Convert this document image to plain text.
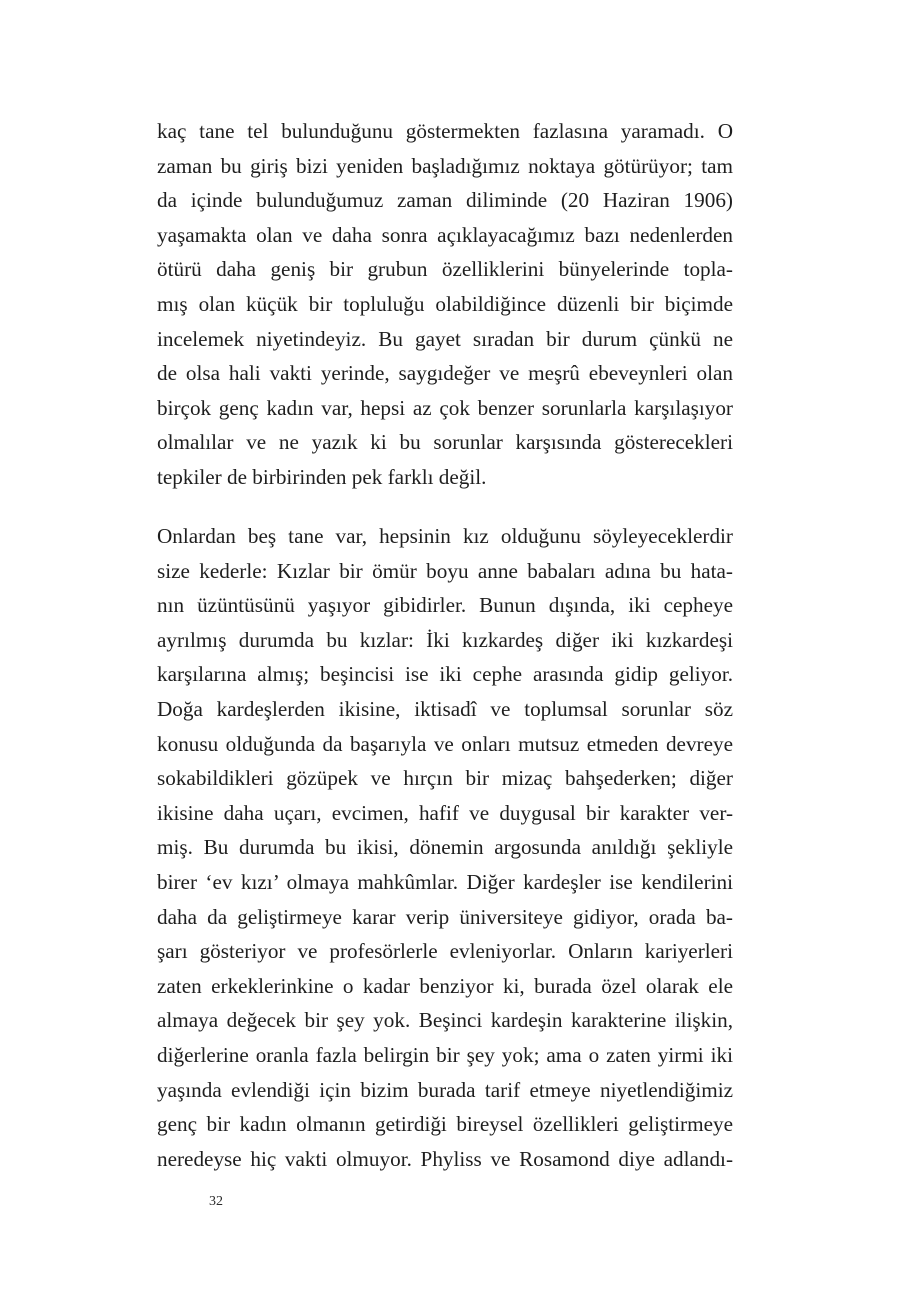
kaç tane tel bulunduğunu göstermekten fazlasına yaramadı. O
zaman bu giriş bizi yeniden başladığımız noktaya götürüyor; tam
da içinde bulunduğumuz zaman diliminde (20 Haziran 1906)
yaşamakta olan ve daha sonra açıklayacağımız bazı nedenlerden
ötürü daha geniş bir grubun özelliklerini bünyelerinde topla-
mış olan küçük bir topluluğu olabildiğince düzenli bir biçimde
incelemek niyetindeyiz. Bu gayet sıradan bir durum çünkü ne
de olsa hali vakti yerinde, saygıdeğer ve meşrû ebeveynleri olan
birçok genç kadın var, hepsi az çok benzer sorunlarla karşılaşıyor
olmalılar ve ne yazık ki bu sorunlar karşısında gösterecekleri
tepkiler de birbirinden pek farklı değil.
Onlardan beş tane var, hepsinin kız olduğunu söyleyeceklerdir
size kederle: Kızlar bir ömür boyu anne babaları adına bu hata-
nın üzüntüsünü yaşıyor gibidirler. Bunun dışında, iki cepheye
ayrılmış durumda bu kızlar: İki kızkardeş diğer iki kızkardeşi
karşılarına almış; beşincisi ise iki cephe arasında gidip geliyor.
Doğa kardeşlerden ikisine, iktisadî ve toplumsal sorunlar söz
konusu olduğunda da başarıyla ve onları mutsuz etmeden devreye
sokabildikleri gözüpek ve hırçın bir mizaç bahşederken; diğer
ikisine daha uçarı, evcimen, hafif ve duygusal bir karakter ver-
miş. Bu durumda bu ikisi, dönemin argosunda anıldığı şekliyle
birer ‘ev kızı’ olmaya mahkûmlar. Diğer kardeşler ise kendilerini
daha da geliştirmeye karar verip üniversiteye gidiyor, orada ba-
şarı gösteriyor ve profesörlerle evleniyorlar. Onların kariyerleri
zaten erkeklerinkine o kadar benziyor ki, burada özel olarak ele
almaya değecek bir şey yok. Beşinci kardeşin karakterine ilişkin,
diğerlerine oranla fazla belirgin bir şey yok; ama o zaten yirmi iki
yaşında evlendiği için bizim burada tarif etmeye niyetlendiğimiz
genç bir kadın olmanın getirdiği bireysel özellikleri geliştirmeye
neredeyse hiç vakti olmuyor. Phyliss ve Rosamond diye adlandı-
32
